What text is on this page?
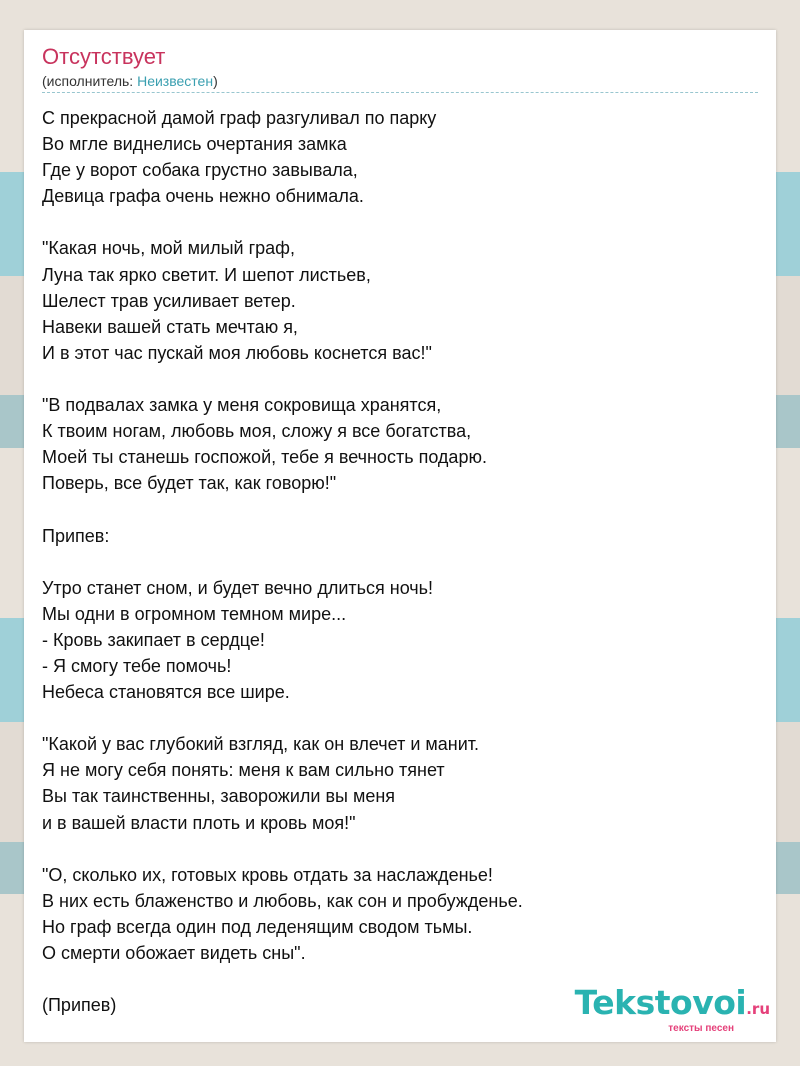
Отсутствует
(исполнитель: Неизвестен)
С прекрасной дамой граф разгуливал по парку
Во мгле виднелись очертания замка
Где у ворот собака грустно завывала,
Девица графа очень нежно обнимала.
"Какая ночь, мой милый граф,
Луна так ярко светит. И шепот листьев,
Шелест трав усиливает ветер.
Навеки вашей стать мечтаю я,
И в этот час пускай моя любовь коснется вас!"
"В подвалах замка у меня сокровища хранятся,
К твоим ногам, любовь моя, сложу я все богатства,
Моей ты станешь госпожой, тебе я вечность подарю.
Поверь, все будет так, как говорю!"
Припев:
Утро станет сном, и будет вечно длиться ночь!
Мы одни в огромном темном мире...
- Кровь закипает в сердце!
- Я смогу тебе помочь!
Небеса становятся все шире.
"Какой у вас глубокий взгляд, как он влечет и манит.
Я не могу себя понять: меня к вам сильно тянет
Вы так таинственны, заворожили вы меня
и в вашей власти плоть и кровь моя!"
"О, сколько их, готовых кровь отдать за наслажденье!
В них есть блаженство и любовь, как сон и пробужденье.
Но граф всегда один под леденящим сводом тьмы.
О смерти обожает видеть сны".
(Припев)	Tekstovoi.ru
тексты песен
